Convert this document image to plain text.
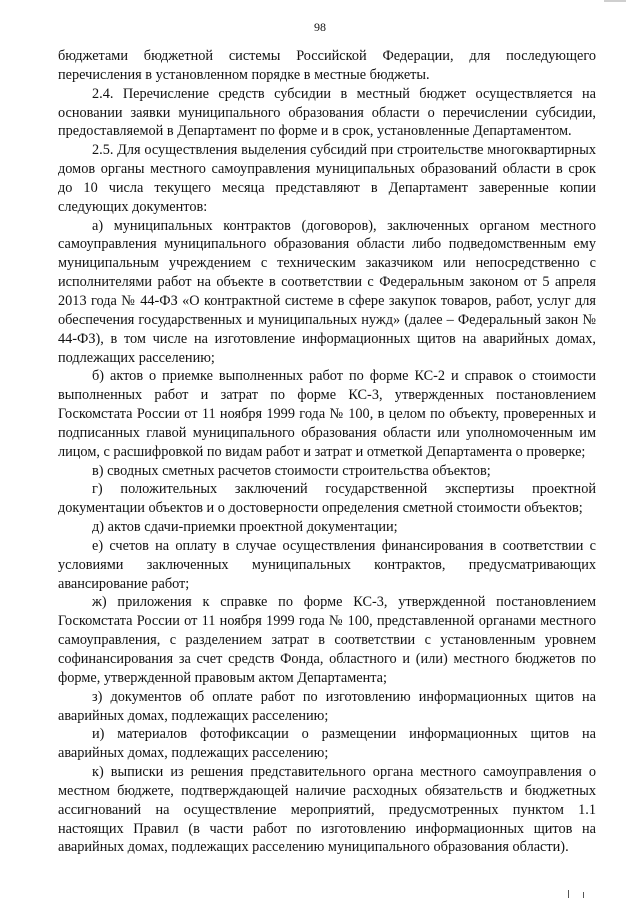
98

бюджетами бюджетной системы Российской Федерации, для последующего перечисления в установленном порядке в местные бюджеты.

2.4. Перечисление средств субсидии в местный бюджет осуществляется на основании заявки муниципального образования области о перечислении субсидии, предоставляемой в Департамент по форме и в срок, установленные Департаментом.

2.5. Для осуществления выделения субсидий при строительстве многоквартирных домов органы местного самоуправления муниципальных образований области в срок до 10 числа текущего месяца представляют в Департамент заверенные копии следующих документов:

а) муниципальных контрактов (договоров), заключенных органом местного самоуправления муниципального образования области либо подведомственным ему муниципальным учреждением с техническим заказчиком или непосредственно с исполнителями работ на объекте в соответствии с Федеральным законом от 5 апреля 2013 года № 44-ФЗ «О контрактной системе в сфере закупок товаров, работ, услуг для обеспечения государственных и муниципальных нужд» (далее – Федеральный закон № 44-ФЗ), в том числе на изготовление информационных щитов на аварийных домах, подлежащих расселению;

б) актов о приемке выполненных работ по форме КС-2 и справок о стоимости выполненных работ и затрат по форме КС-3, утвержденных постановлением Госкомстата России от 11 ноября 1999 года № 100, в целом по объекту, проверенных и подписанных главой муниципального образования области или уполномоченным им лицом, с расшифровкой по видам работ и затрат и отметкой Департамента о проверке;

в) сводных сметных расчетов стоимости строительства объектов;

г) положительных заключений государственной экспертизы проектной документации объектов и о достоверности определения сметной стоимости объектов;

д) актов сдачи-приемки проектной документации;

е) счетов на оплату в случае осуществления финансирования в соответствии с условиями заключенных муниципальных контрактов, предусматривающих авансирование работ;

ж) приложения к справке по форме КС-3, утвержденной постановлением Госкомстата России от 11 ноября 1999 года № 100, представленной органами местного самоуправления, с разделением затрат в соответствии с установленным уровнем софинансирования за счет средств Фонда, областного и (или) местного бюджетов по форме, утвержденной правовым актом Департамента;

з) документов об оплате работ по изготовлению информационных щитов на аварийных домах, подлежащих расселению;

и) материалов фотофиксации о размещении информационных щитов на аварийных домах, подлежащих расселению;

к) выписки из решения представительного органа местного самоуправления о местном бюджете, подтверждающей наличие расходных обязательств и бюджетных ассигнований на осуществление мероприятий, предусмотренных пунктом 1.1 настоящих Правил (в части работ по изготовлению информационных щитов на аварийных домах, подлежащих расселению муниципального образования области).
